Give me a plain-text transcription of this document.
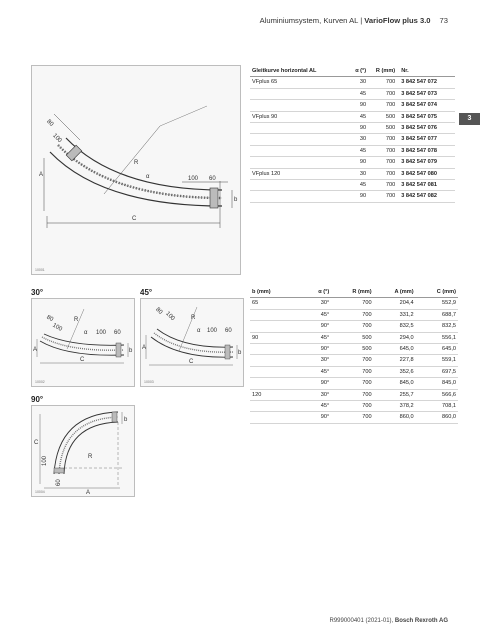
Aluminiumsystem, Kurven AL | VarioFlow plus 3.0 73
3
A
C
R
α	100 60
80
100
b
10001
Gleitkurve horizontal AL	α (°)	R (mm)	Nr.
VFplus 65	30	700	3 842 547 072
	45	700	3 842 547 073
	90	700	3 842 547 074
VFplus 90	45	500	3 842 547 075
	90	500	3 842 547 076
	30	700	3 842 547 077
	45	700	3 842 547 078
	90	700	3 842 547 079
VFplus 120	30	700	3 842 547 080
	45	700	3 842 547 081
	90	700	3 842 547 082
30°
A
C
R
α 100 60
80
100
b
10002
45°
A
C
R
α 100 60
80 100
b
10003
b (mm)	α (°)	R (mm)	A (mm)	C (mm)
65	30°	700	204,4	552,9
	45°	700	331,2	688,7
	90°	700	832,5	832,5
90	45°	500	294,0	556,1
	90°	500	645,0	645,0
	30°	700	227,8	559,1
	45°	700	352,6	697,5
	90°	700	845,0	845,0
120	30°	700	255,7	566,6
	45°	700	378,2	708,1
	90°	700	860,0	860,0
90°
C
A
R
100
60
b
10004
R999000401 (2021-01), Bosch Rexroth AG
